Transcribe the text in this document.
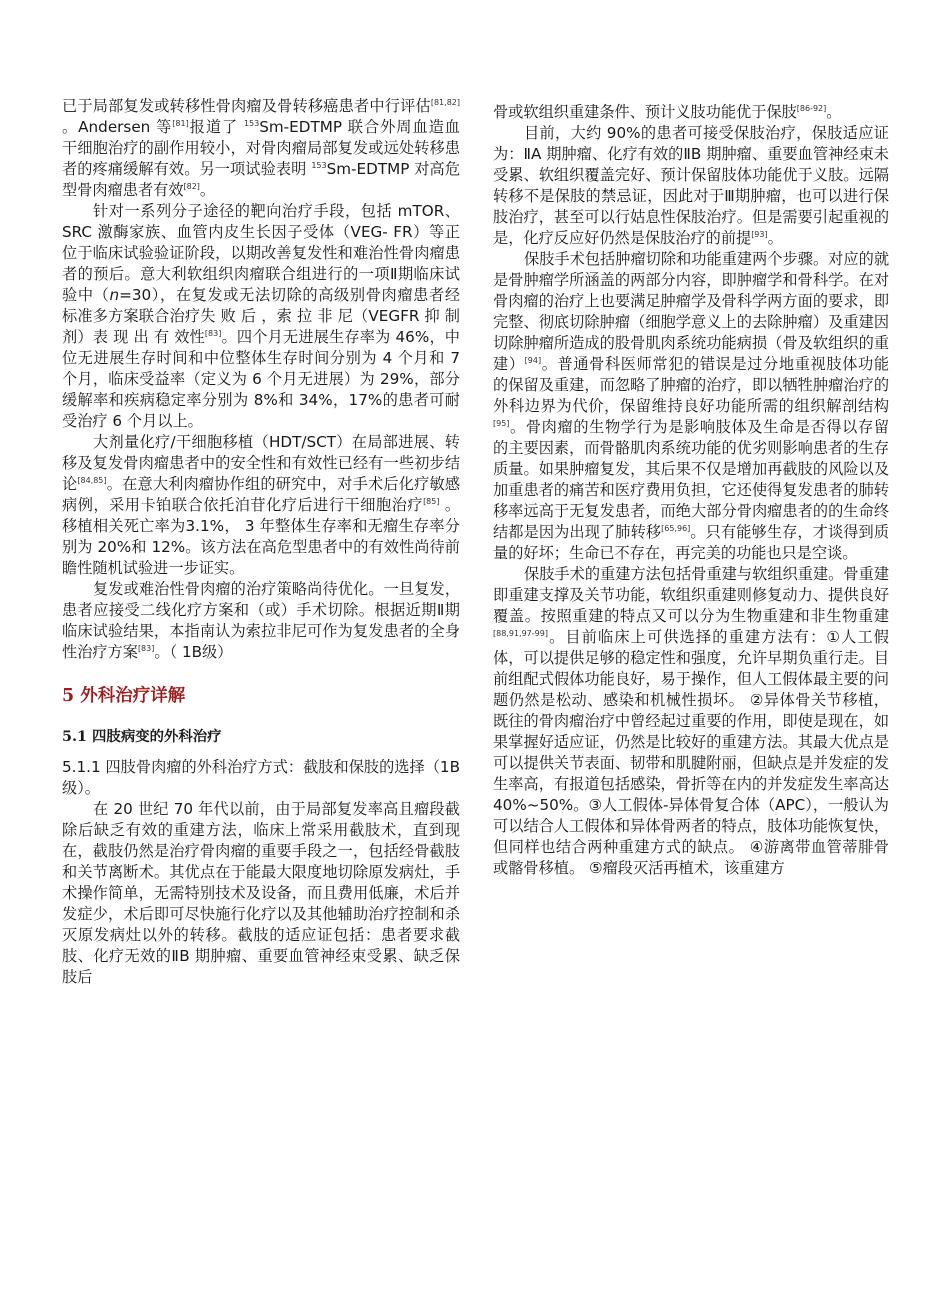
已于局部复发或转移性骨肉瘤及骨转移癌患者中行评估[81,82] 。Andersen 等[81]报道了 $^{153}$Sm-EDTMP 联合外周血造血干细胞治疗的副作用较小，对骨肉瘤局部复发或远处转移患者的疼痛缓解有效。另一项试验表明 $^{153}$Sm-EDTMP 对高危型骨肉瘤患者有效[82]。

针对一系列分子途径的靶向治疗手段，包括 mTOR、SRC 激酶家族、血管内皮生长因子受体（VEG- FR）等正位于临床试验验证阶段，以期改善复发性和难治性骨肉瘤患者的预后。意大利软组织肉瘤联合组进行的一项Ⅱ期临床试验中（n=30），在复发或无法切除的高级别骨肉瘤患者经标准多方案联合治疗失 败 后 ，索 拉 非 尼（VEGFR 抑 制 剂）表 现 出 有 效性[83]。四个月无进展生存率为 46%，中位无进展生存时间和中位整体生存时间分别为 4 个月和 7 个月，临床受益率（定义为 6 个月无进展）为 29%，部分缓解率和疾病稳定率分别为 8%和 34%，17%的患者可耐受治疗 6 个月以上。

大剂量化疗/干细胞移植（HDT/SCT）在局部进展、转移及复发骨肉瘤患者中的安全性和有效性已经有一些初步结论[84,85]。在意大利肉瘤协作组的研究中，对手术后化疗敏感病例，采用卡铂联合依托泊苷化疗后进行干细胞治疗[85] 。移植相关死亡率为3.1%， 3 年整体生存率和无瘤生存率分别为 20%和 12%。该方法在高危型患者中的有效性尚待前瞻性随机试验进一步证实。

复发或难治性骨肉瘤的治疗策略尚待优化。一旦复发，患者应接受二线化疗方案和（或）手术切除。根据近期Ⅱ期临床试验结果，本指南认为索拉非尼可作为复发患者的全身性治疗方案[83]。（ 1B级）

5 外科治疗详解
5.1 四肢病变的外科治疗

5.1.1 四肢骨肉瘤的外科治疗方式：截肢和保肢的选择（1B 级）。

在 20 世纪 70 年代以前，由于局部复发率高且瘤段截除后缺乏有效的重建方法，临床上常采用截肢术，直到现在，截肢仍然是治疗骨肉瘤的重要手段之一，包括经骨截肢和关节离断术。其优点在于能最大限度地切除原发病灶，手术操作简单，无需特别技术及设备，而且费用低廉，术后并发症少，术后即可尽快施行化疗以及其他辅助治疗控制和杀灭原发病灶以外的转移。截肢的适应证包括：患者要求截肢、化疗无效的ⅡB 期肿瘤、重要血管神经束受累、缺乏保肢后

骨或软组织重建条件、预计义肢功能优于保肢[86-92]。

目前，大约 90%的患者可接受保肢治疗，保肢适应证为：ⅡA 期肿瘤、化疗有效的ⅡB 期肿瘤、重要血管神经束未受累、软组织覆盖完好、预计保留肢体功能优于义肢。远隔转移不是保肢的禁忌证，因此对于Ⅲ期肿瘤，也可以进行保肢治疗，甚至可以行姑息性保肢治疗。但是需要引起重视的是，化疗反应好仍然是保肢治疗的前提[93]。

保肢手术包括肿瘤切除和功能重建两个步骤。对应的就是骨肿瘤学所涵盖的两部分内容，即肿瘤学和骨科学。在对骨肉瘤的治疗上也要满足肿瘤学及骨科学两方面的要求，即完整、彻底切除肿瘤（细胞学意义上的去除肿瘤）及重建因切除肿瘤所造成的股骨肌肉系统功能病损（骨及软组织的重建）[94]。普通骨科医师常犯的错误是过分地重视肢体功能的保留及重建，而忽略了肿瘤的治疗，即以牺牲肿瘤治疗的外科边界为代价，保留维持良好功能所需的组织解剖结构[95]。骨肉瘤的生物学行为是影响肢体及生命是否得以存留的主要因素，而骨骼肌肉系统功能的优劣则影响患者的生存质量。如果肿瘤复发，其后果不仅是增加再截肢的风险以及加重患者的痛苦和医疗费用负担，它还使得复发患者的肺转移率远高于无复发患者，而绝大部分骨肉瘤患者的的生命终结都是因为出现了肺转移[65,96]。只有能够生存，才谈得到质量的好坏；生命已不存在，再完美的功能也只是空谈。

保肢手术的重建方法包括骨重建与软组织重建。骨重建即重建支撑及关节功能，软组织重建则修复动力、提供良好覆盖。按照重建的特点又可以分为生物重建和非生物重建[88,91,97-99]。目前临床上可供选择的重建方法有：①人工假体，可以提供足够的稳定性和强度，允许早期负重行走。目前组配式假体功能良好，易于操作，但人工假体最主要的问题仍然是松动、感染和机械性损坏。 ②异体骨关节移植，既往的骨肉瘤治疗中曾经起过重要的作用，即使是现在，如果掌握好适应证，仍然是比较好的重建方法。其最大优点是可以提供关节表面、韧带和肌腱附丽，但缺点是并发症的发生率高，有报道包括感染，骨折等在内的并发症发生率高达 40%~50%。③人工假体-异体骨复合体（APC），一般认为可以结合人工假体和异体骨两者的特点，肢体功能恢复快，但同样也结合两种重建方式的缺点。 ④游离带血管蒂腓骨或髂骨移植。 ⑤瘤段灭活再植术，该重建方
